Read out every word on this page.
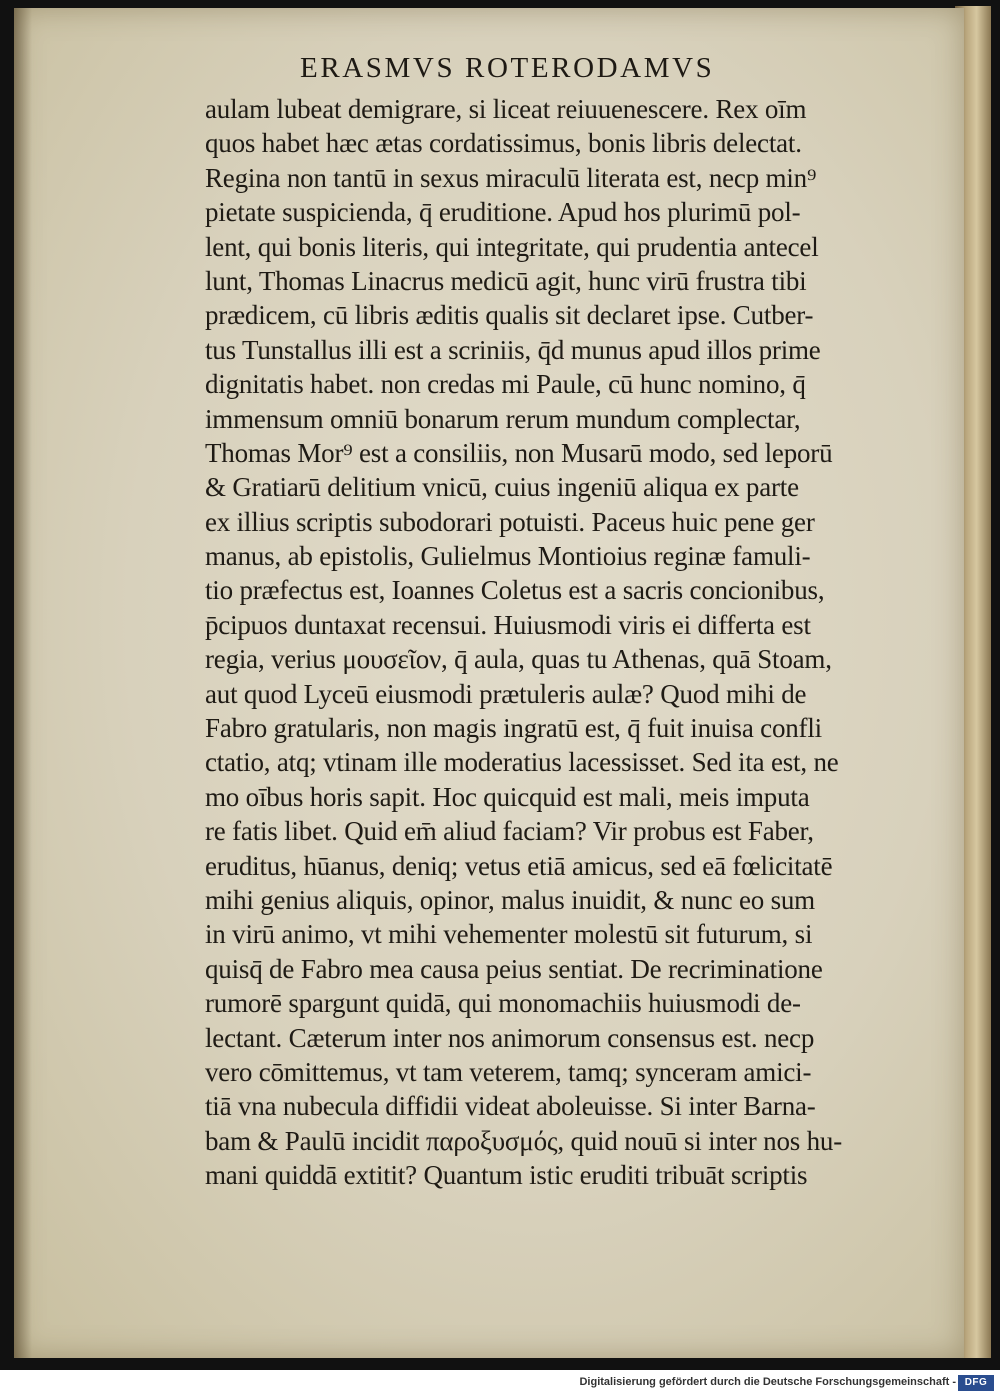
ERASMVS ROTERODAMVS
aulam lubeat demigrare, si liceat reiuuenescere. Rex oīm
quos habet hæc ætas cordatissimus, bonis libris delectat.
Regina non tantū in sexus miraculū literata est, necp min⁹
pietate suspicienda, q̄ eruditione. Apud hos plurimū pol-
lent, qui bonis literis, qui integritate, qui prudentia antecel
lunt, Thomas Linacrus medicū agit, hunc virū frustra tibi
prædicem, cū libris æditis qualis sit declaret ipse. Cutber-
tus Tunstallus illi est a scriniis, q̄d munus apud illos prime
dignitatis habet. non credas mi Paule, cū hunc nomino, q̄
immensum omniū bonarum rerum mundum complectar,
Thomas Mor⁹ est a consiliis, non Musarū modo, sed leporū
& Gratiarū delitium vnicū, cuius ingeniū aliqua ex parte
ex illius scriptis subodorari potuisti. Paceus huic pene ger
manus, ab epistolis, Gulielmus Montioius reginæ famuli-
tio præfectus est, Ioannes Coletus est a sacris concionibus,
p̄cipuos duntaxat recensui. Huiusmodi viris ei differta est
regia, verius μουσεῖον, q̄ aula, quas tu Athenas, quā Stoam,
aut quod Lyceū eiusmodi prætuleris aulæ? Quod mihi de
Fabro gratularis, non magis ingratū est, q̄ fuit inuisa confli
ctatio, atq; vtinam ille moderatius lacessisset. Sed ita est, ne
mo oībus horis sapit. Hoc quicquid est mali, meis imputa
re fatis libet. Quid em̄ aliud faciam? Vir probus est Faber,
eruditus, hūanus, deniq; vetus etiā amicus, sed eā fœlicitatē
mihi genius aliquis, opinor, malus inuidit, & nunc eo sum
in virū animo, vt mihi vehementer molestū sit futurum, si
quisq̄ de Fabro mea causa peius sentiat. De recriminatione
rumorē spargunt quidā, qui monomachiis huiusmodi de-
lectant. Cæterum inter nos animorum consensus est. necp
vero cōmittemus, vt tam veterem, tamq; synceram amici-
tiā vna nubecula diffidii videat aboleuisse. Si inter Barna-
bam & Paulū incidit παροξυσμός, quid nouū si inter nos hu-
mani quiddā extitit? Quantum istic eruditi tribuāt scriptis
Digitalisierung gefördert durch die Deutsche Forschungsgemeinschaft - DFG
